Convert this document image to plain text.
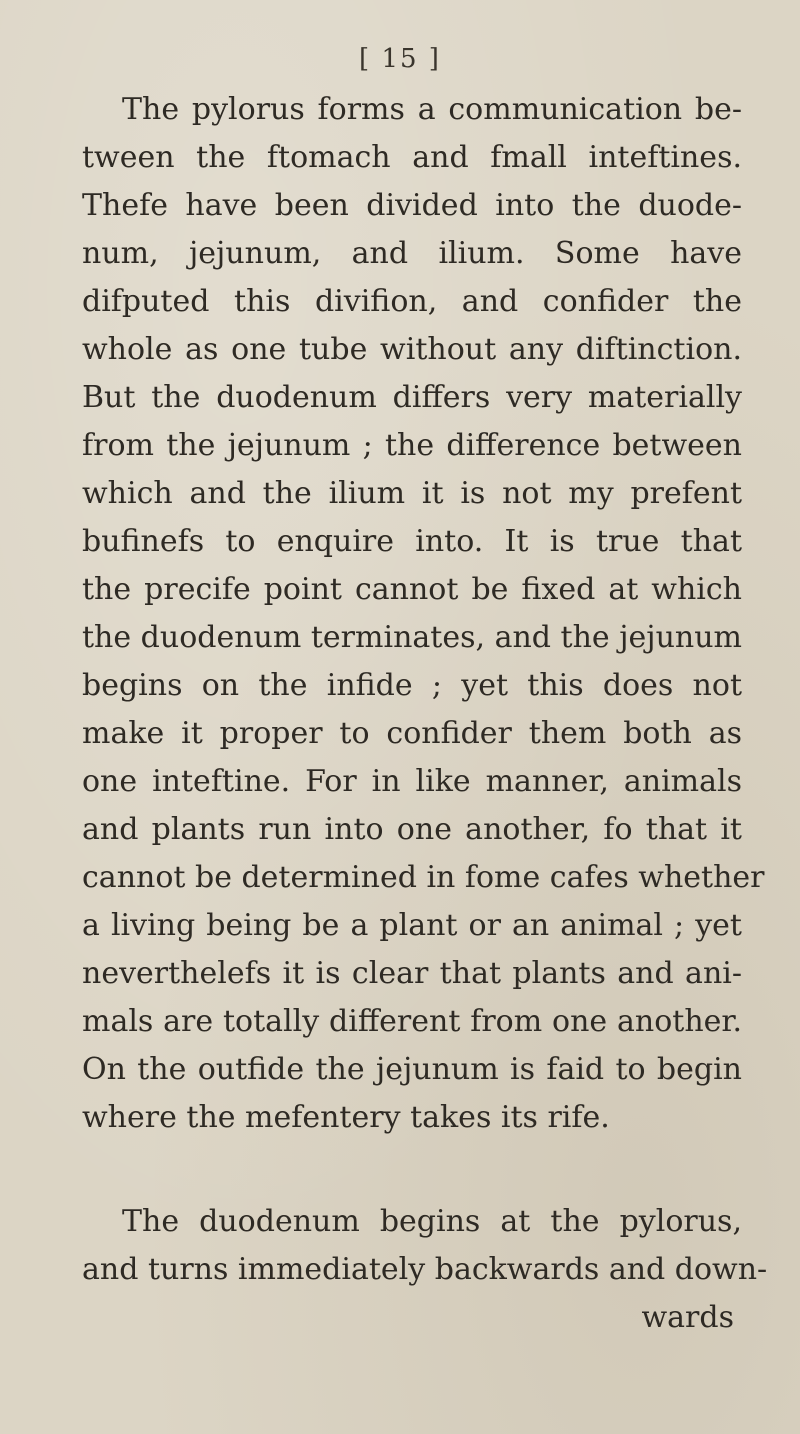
[ 15 ]
The pylorus forms a communication be-
tween the ftomach and fmall inteftines.
Thefe have been divided into the duode-
num, jejunum, and ilium. Some have
difputed this divifion, and confider the
whole as one tube without any diftinction.
But the duodenum differs very materially
from the jejunum ; the difference between
which and the ilium it is not my prefent
bufinefs to enquire into. It is true that
the precife point cannot be fixed at which
the duodenum terminates, and the jejunum
begins on the infide ; yet this does not
make it proper to confider them both as
one inteftine. For in like manner, animals
and plants run into one another, fo that it
cannot be determined in fome cafes whether
a living being be a plant or an animal ; yet
neverthelefs it is clear that plants and ani-
mals are totally different from one another.
On the outfide the jejunum is faid to begin
where the mefentery takes its rife.
The duodenum begins at the pylorus,
and turns immediately backwards and down-
wards
